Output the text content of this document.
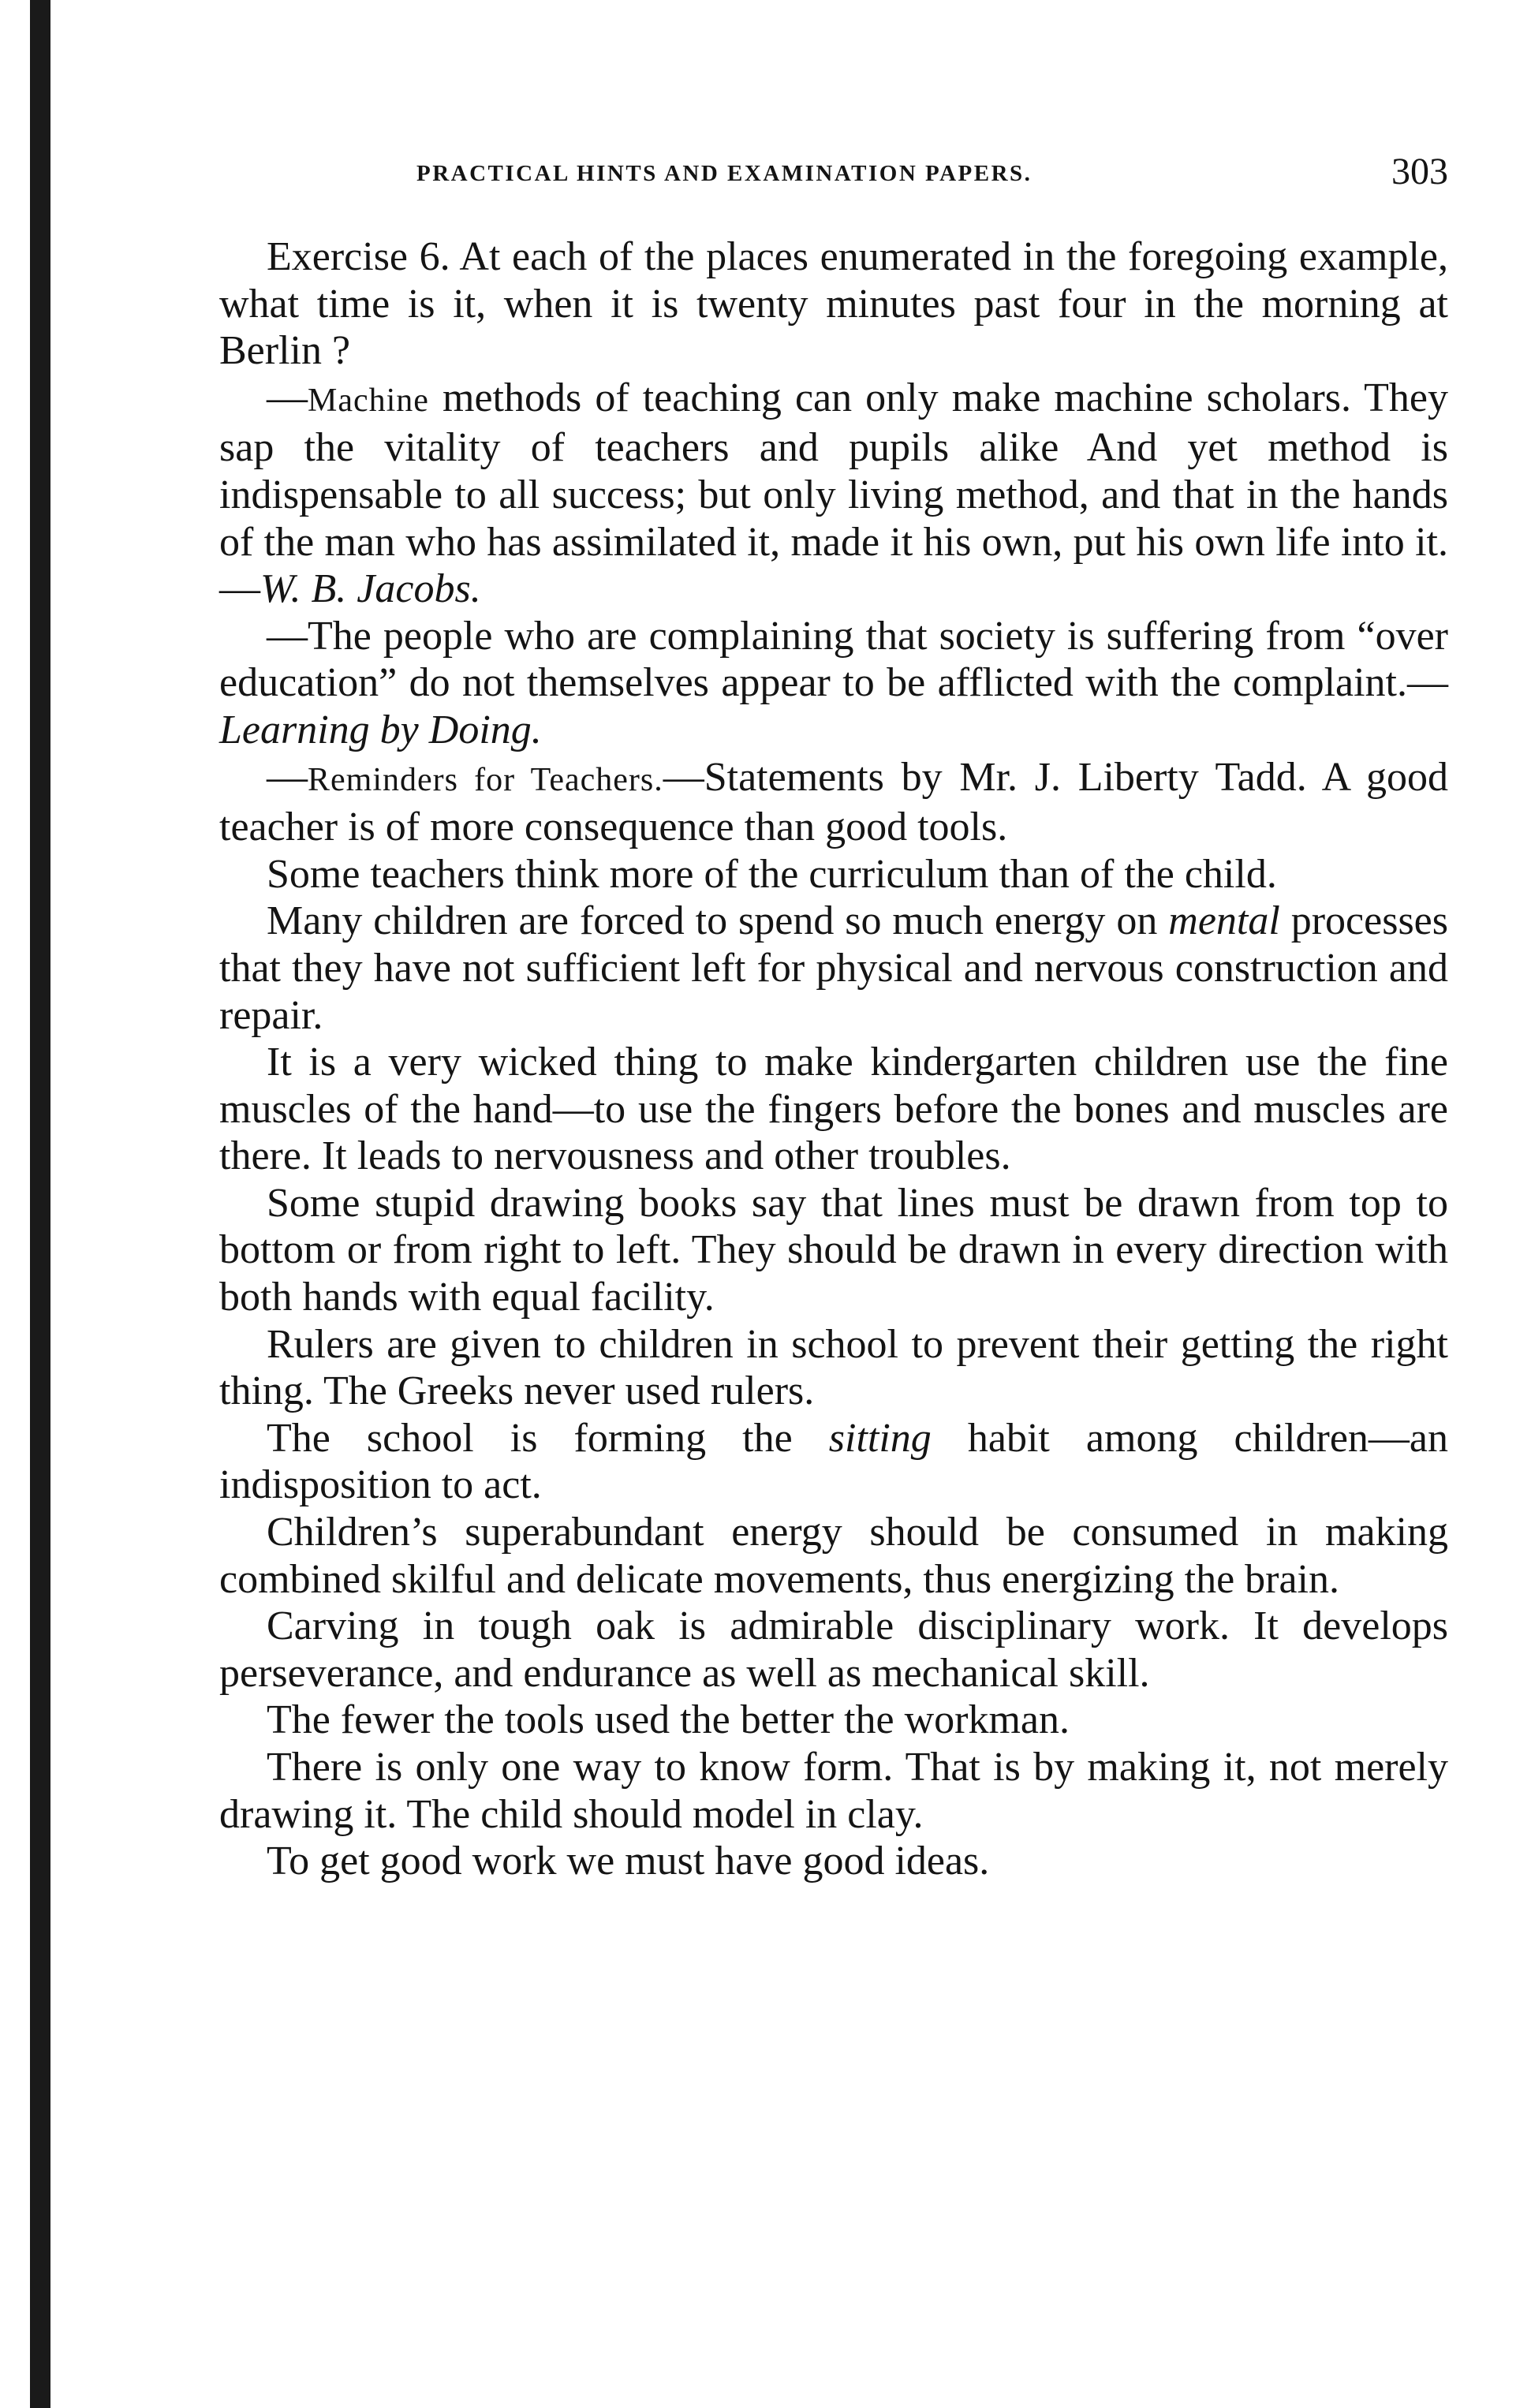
PRACTICAL HINTS AND EXAMINATION PAPERS.	303

Exercise 6. At each of the places enumerated in the foregoing example, what time is it, when it is twenty minutes past four in the morning at Berlin ?

—Machine methods of teaching can only make machine scholars. They sap the vitality of teachers and pupils alike And yet method is indispensable to all success; but only living method, and that in the hands of the man who has assimilated it, made it his own, put his own life into it.—W. B. Jacobs.

—The people who are complaining that society is suffering from “over education” do not themselves appear to be afflicted with the complaint.—Learning by Doing.

—Reminders for Teachers.—Statements by Mr. J. Liberty Tadd. A good teacher is of more consequence than good tools.

Some teachers think more of the curriculum than of the child.

Many children are forced to spend so much energy on mental processes that they have not sufficient left for physical and nervous construction and repair.

It is a very wicked thing to make kindergarten children use the fine muscles of the hand—to use the fingers before the bones and muscles are there. It leads to nervousness and other troubles.

Some stupid drawing books say that lines must be drawn from top to bottom or from right to left. They should be drawn in every direction with both hands with equal facility.

Rulers are given to children in school to prevent their getting the right thing. The Greeks never used rulers.

The school is forming the sitting habit among children—an indisposition to act.

Children’s superabundant energy should be consumed in making combined skilful and delicate movements, thus energizing the brain.

Carving in tough oak is admirable disciplinary work. It develops perseverance, and endurance as well as mechanical skill.

The fewer the tools used the better the workman.

There is only one way to know form. That is by making it, not merely drawing it. The child should model in clay.

To get good work we must have good ideas.
